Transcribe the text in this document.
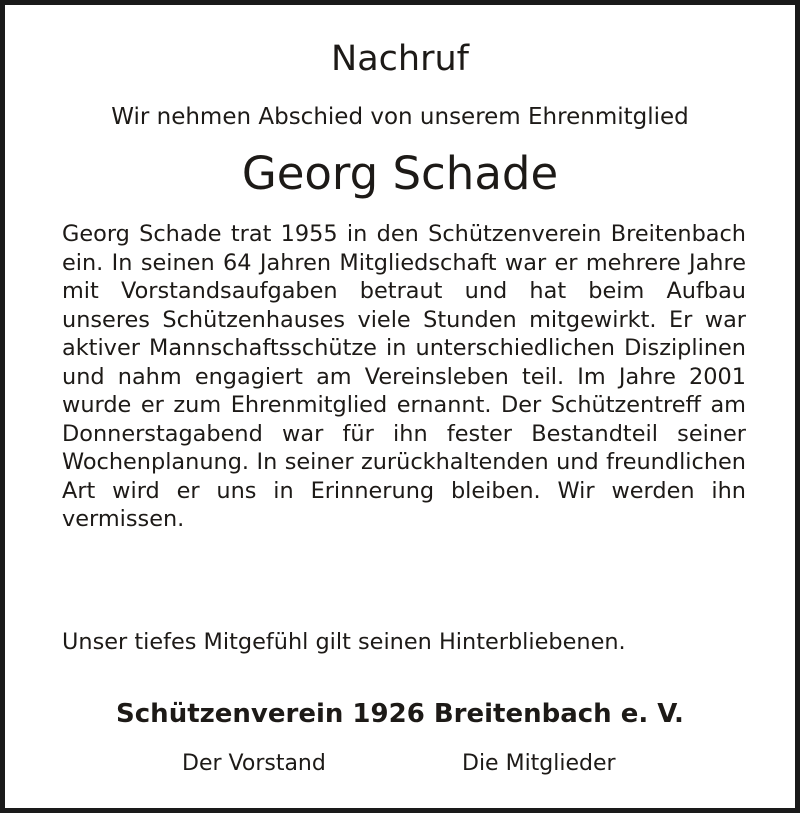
Nachruf
Wir nehmen Abschied von unserem Ehrenmitglied
Georg Schade

Georg Schade trat 1955 in den Schützenverein Breitenbach ein. In seinen 64 Jahren Mitgliedschaft war er mehrere Jahre mit Vorstandsaufgaben betraut und hat beim Aufbau unseres Schützenhauses viele Stunden mitgewirkt. Er war aktiver Mannschaftsschütze in unterschiedlichen Disziplinen und nahm engagiert am Vereinsleben teil. Im Jahre 2001 wurde er zum Ehrenmitglied ernannt. Der Schützentreff am Donnerstagabend war für ihn fester Bestandteil seiner Wochenplanung. In seiner zurückhaltenden und freundlichen Art wird er uns in Erinnerung bleiben. Wir werden ihn vermissen.

Unser tiefes Mitgefühl gilt seinen Hinterbliebenen.

Schützenverein 1926 Breitenbach e. V.
Der Vorstand	Die Mitglieder
